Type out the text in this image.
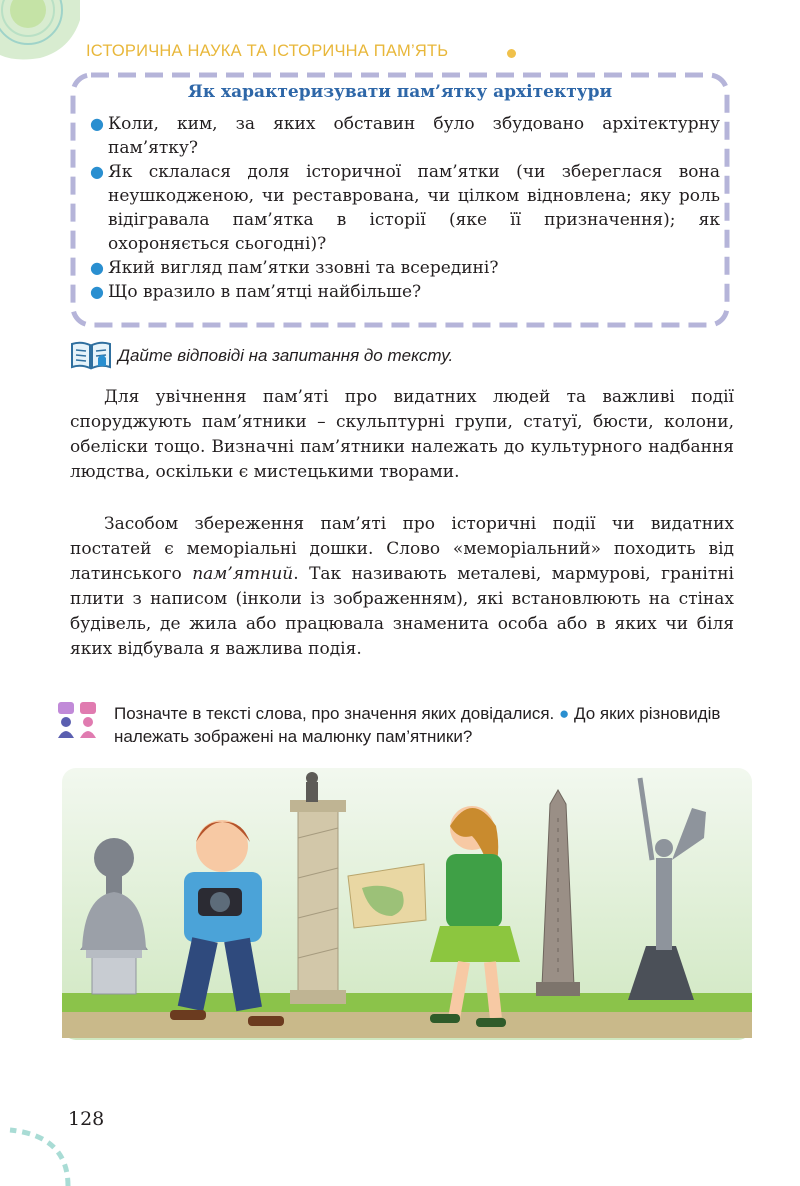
ІСТОРИЧНА НАУКА ТА ІСТОРИЧНА ПАМ’ЯТЬ
Як характеризувати пам’ятку архітектури
● Коли, ким, за яких обставин було збудовано архітектурну пам’ятку?
● Як склалася доля історичної пам’ятки (чи збереглася вона неушкодженою, чи реставрована, чи цілком відновлена; яку роль відігравала пам’ятка в історії (яке її призначення); як охороняється сьогодні)?
● Який вигляд пам’ятки ззовні та всередині?
● Що вразило в пам’ятці найбільше?
Дайте відповіді на запитання до тексту.

Для увічнення пам’яті про видатних людей та важливі події споруджують пам’ятники – скульптурні групи, статуї, бюсти, колони, обеліски тощо. Визначні пам’ятники належать до культурного надбання людства, оскільки є мистецькими творами.

Засобом збереження пам’яті про історичні події чи видатних постатей є меморіальні дошки. Слово «меморіальний» походить від латинського пам’ятний. Так називають металеві, мармурові, гранітні плити з написом (інколи із зображенням), які встановлюють на стінах будівель, де жила або працювала знаменита особа або в яких чи біля яких відбувала я важлива подія.

Позначте в тексті слова, про значення яких довідалися. ● До яких різновидів належать зображені на малюнку пам’ятники?
128
